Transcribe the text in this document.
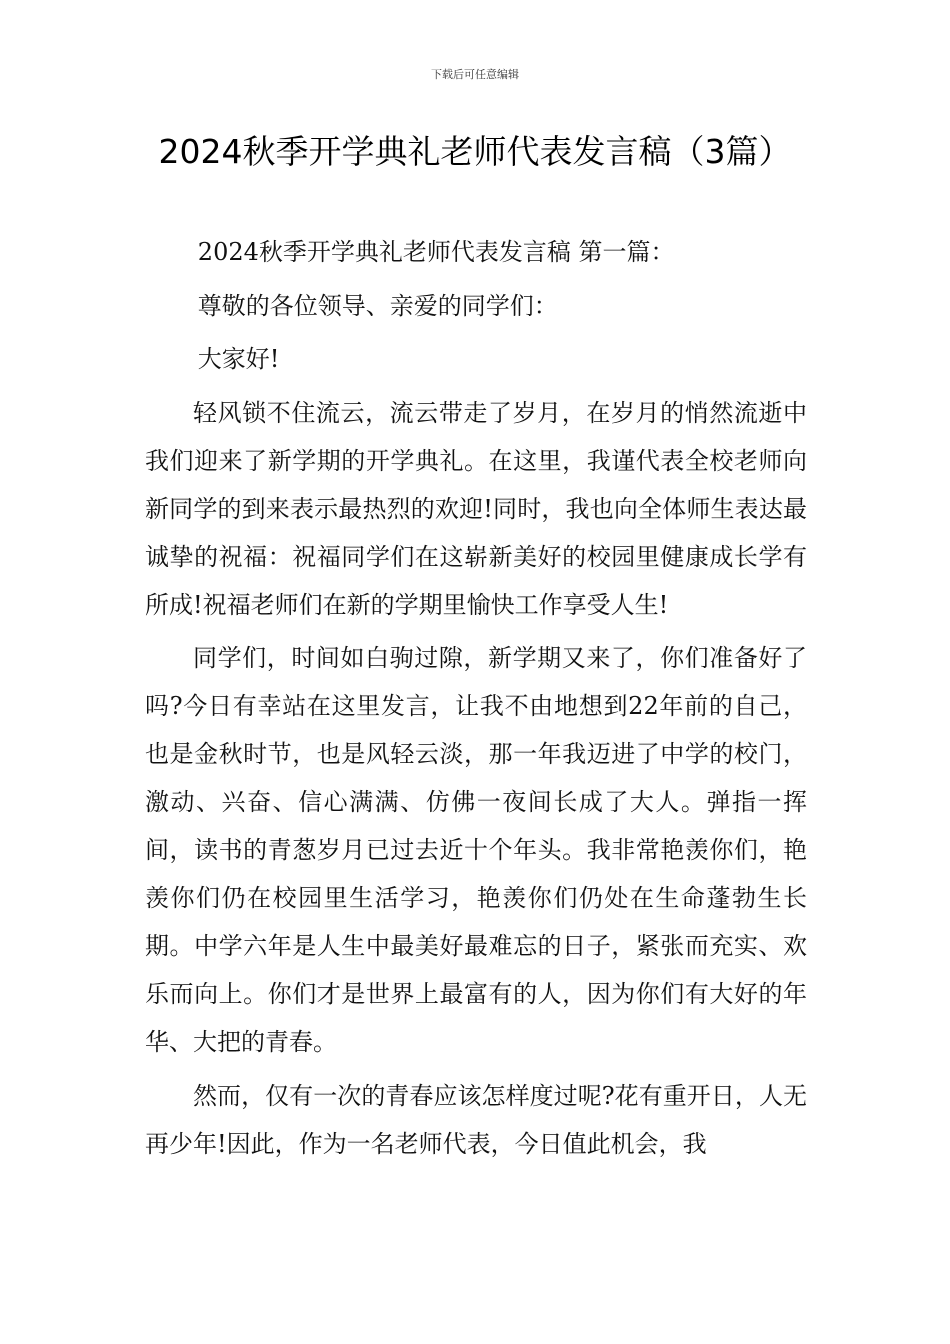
下载后可任意编辑
2024秋季开学典礼老师代表发言稿（3篇）

2024秋季开学典礼老师代表发言稿 第一篇：

尊敬的各位领导、亲爱的同学们：

大家好!

轻风锁不住流云，流云带走了岁月，在岁月的悄然流逝中我们迎来了新学期的开学典礼。在这里，我谨代表全校老师向新同学的到来表示最热烈的欢迎!同时，我也向全体师生表达最诚挚的祝福：祝福同学们在这崭新美好的校园里健康成长学有所成!祝福老师们在新的学期里愉快工作享受人生!

同学们，时间如白驹过隙，新学期又来了，你们准备好了吗?今日有幸站在这里发言，让我不由地想到22年前的自己，也是金秋时节，也是风轻云淡，那一年我迈进了中学的校门，激动、兴奋、信心满满、仿佛一夜间长成了大人。弹指一挥间，读书的青葱岁月已过去近十个年头。我非常艳羡你们，艳羡你们仍在校园里生活学习，艳羡你们仍处在生命蓬勃生长期。中学六年是人生中最美好最难忘的日子，紧张而充实、欢乐而向上。你们才是世界上最富有的人，因为你们有大好的年华、大把的青春。

然而，仅有一次的青春应该怎样度过呢?花有重开日，人无再少年!因此，作为一名老师代表，今日值此机会，我
